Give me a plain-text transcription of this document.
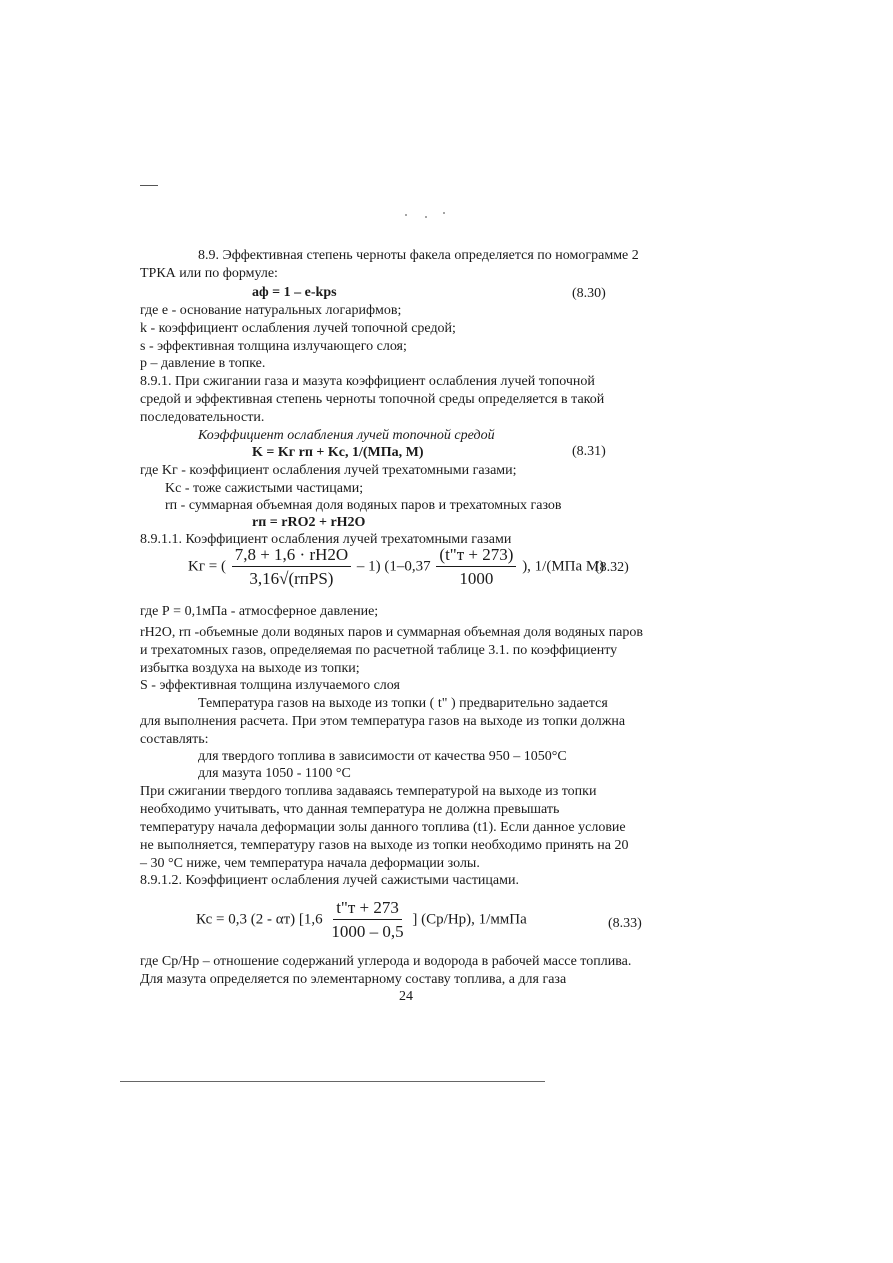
8.9. Эффективная степень черноты факела определяется по номограмме 2
ТРКА или по формуле:
aф = 1 – e-kps	(8.30)
где е - основание натуральных логарифмов;
k - коэффициент ослабления лучей топочной средой;
s - эффективная толщина излучающего слоя;
р – давление в топке.
8.9.1. При сжигании газа и мазута коэффициент ослабления лучей топочной
средой и эффективная степень черноты топочной среды определяется в такой
последовательности.
Коэффициент ослабления лучей топочной средой
K = Kг rп + Kс, 1/(МПа, М)	(8.31)
где Kг - коэффициент ослабления лучей трехатомными газами;
Kс - тоже сажистыми частицами;
rп - суммарная объемная доля водяных паров и трехатомных газов
rп = rRO2 + rH2O
8.9.1.1. Коэффициент ослабления лучей трехатомными газами
Kг = ( $\frac{7,8 + 1,6 \cdot rH2O}{\text{3,16√(rпPS)}} - 1$) ($1-0,37 \frac{(t"т + 273)}{1000}$ ), 1/(МПа М)
(8.32)
где Р = 0,1мПа - атмосферное давление;
rH2O, rп -объемные доли водяных паров и суммарная объемная доля водяных паров
и трехатомных газов, определяемая по расчетной таблице 3.1. по коэффициенту
избытка воздуха на выходе из топки;
S - эффективная толщина излучаемого слоя
Температура газов на выходе из топки ( t" ) предварительно задается
для выполнения расчета. При этом температура газов на выходе из топки должна
составлять:
для твердого топлива в зависимости от качества 950 – 1050°С
для мазута 1050 - 1100 °С
При сжигании твердого топлива задаваясь температурой на выходе из топки
необходимо учитывать, что данная температура не должна превышать
температуру начала деформации золы данного топлива (t1). Если данное условие
не выполняется, температуру газов на выходе из топки необходимо принять на 20
– 30 °С ниже, чем температура начала деформации золы.
8.9.1.2. Коэффициент ослабления лучей сажистыми частицами.
Кс = 0,3 (2 - αт) [$1,6 \frac{t"т + 273}{1000 - 0,5}$ ] (Ср/Нр), 1/ммПа	(8.33)
где Ср/Нр – отношение содержаний углерода и водорода в рабочей массе топлива.
Для мазута определяется по элементарному составу топлива, а для газа
24
